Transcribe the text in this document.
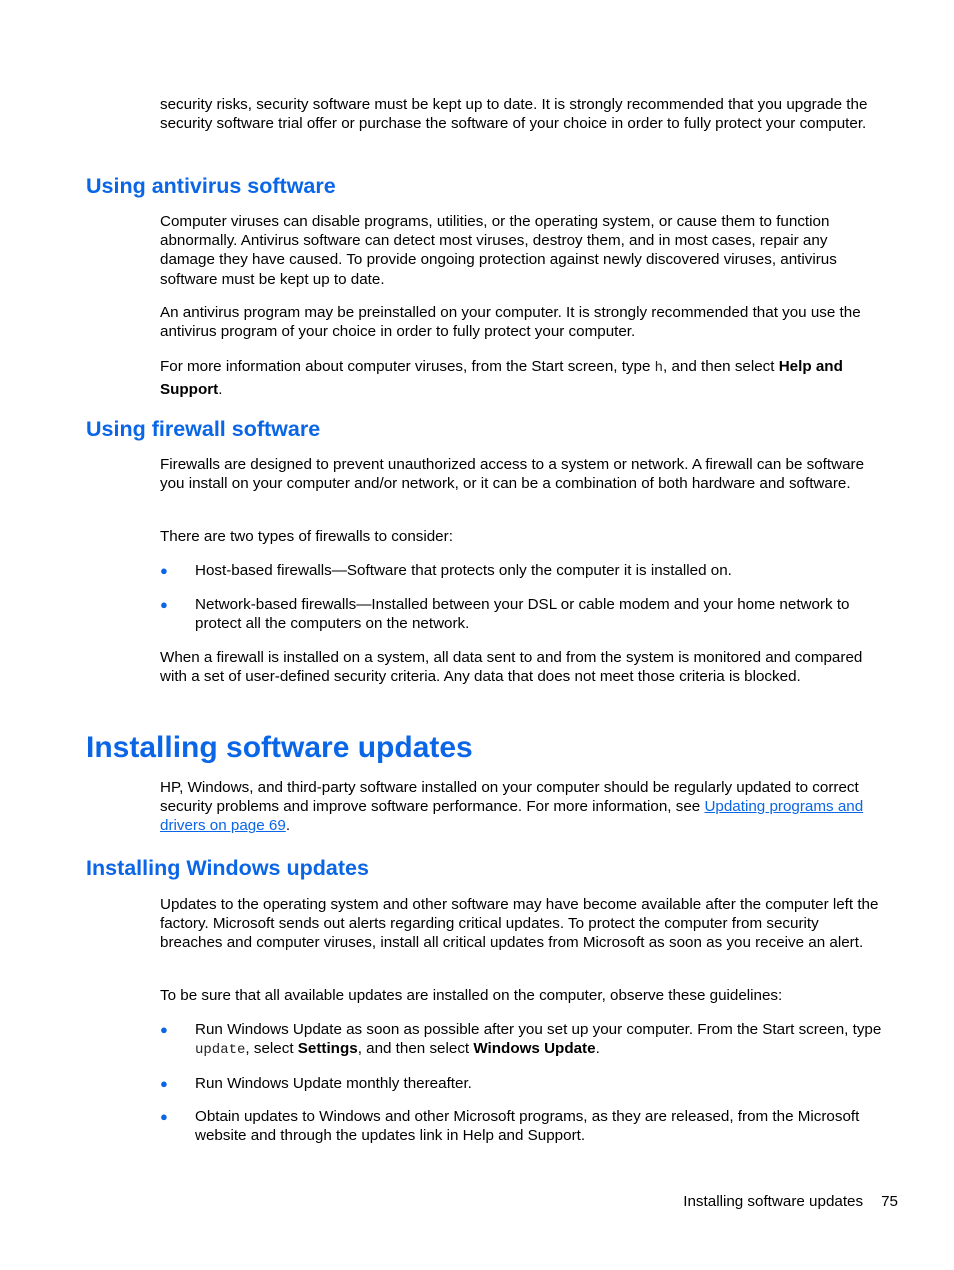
security risks, security software must be kept up to date. It is strongly recommended that you upgrade the security software trial offer or purchase the software of your choice in order to fully protect your computer.

Using antivirus software

Computer viruses can disable programs, utilities, or the operating system, or cause them to function abnormally. Antivirus software can detect most viruses, destroy them, and in most cases, repair any damage they have caused. To provide ongoing protection against newly discovered viruses, antivirus software must be kept up to date.

An antivirus program may be preinstalled on your computer. It is strongly recommended that you use the antivirus program of your choice in order to fully protect your computer.

For more information about computer viruses, from the Start screen, type h, and then select Help and Support.

Using firewall software

Firewalls are designed to prevent unauthorized access to a system or network. A firewall can be software you install on your computer and/or network, or it can be a combination of both hardware and software.

There are two types of firewalls to consider:

●	Host-based firewalls—Software that protects only the computer it is installed on.

●	Network-based firewalls—Installed between your DSL or cable modem and your home network to protect all the computers on the network.

When a firewall is installed on a system, all data sent to and from the system is monitored and compared with a set of user-defined security criteria. Any data that does not meet those criteria is blocked.

Installing software updates

HP, Windows, and third-party software installed on your computer should be regularly updated to correct security problems and improve software performance. For more information, see Updating programs and drivers on page 69.

Installing Windows updates

Updates to the operating system and other software may have become available after the computer left the factory. Microsoft sends out alerts regarding critical updates. To protect the computer from security breaches and computer viruses, install all critical updates from Microsoft as soon as you receive an alert.

To be sure that all available updates are installed on the computer, observe these guidelines:

●	Run Windows Update as soon as possible after you set up your computer. From the Start screen, type update, select Settings, and then select Windows Update.

●	Run Windows Update monthly thereafter.

●	Obtain updates to Windows and other Microsoft programs, as they are released, from the Microsoft website and through the updates link in Help and Support.

Installing software updates 75
